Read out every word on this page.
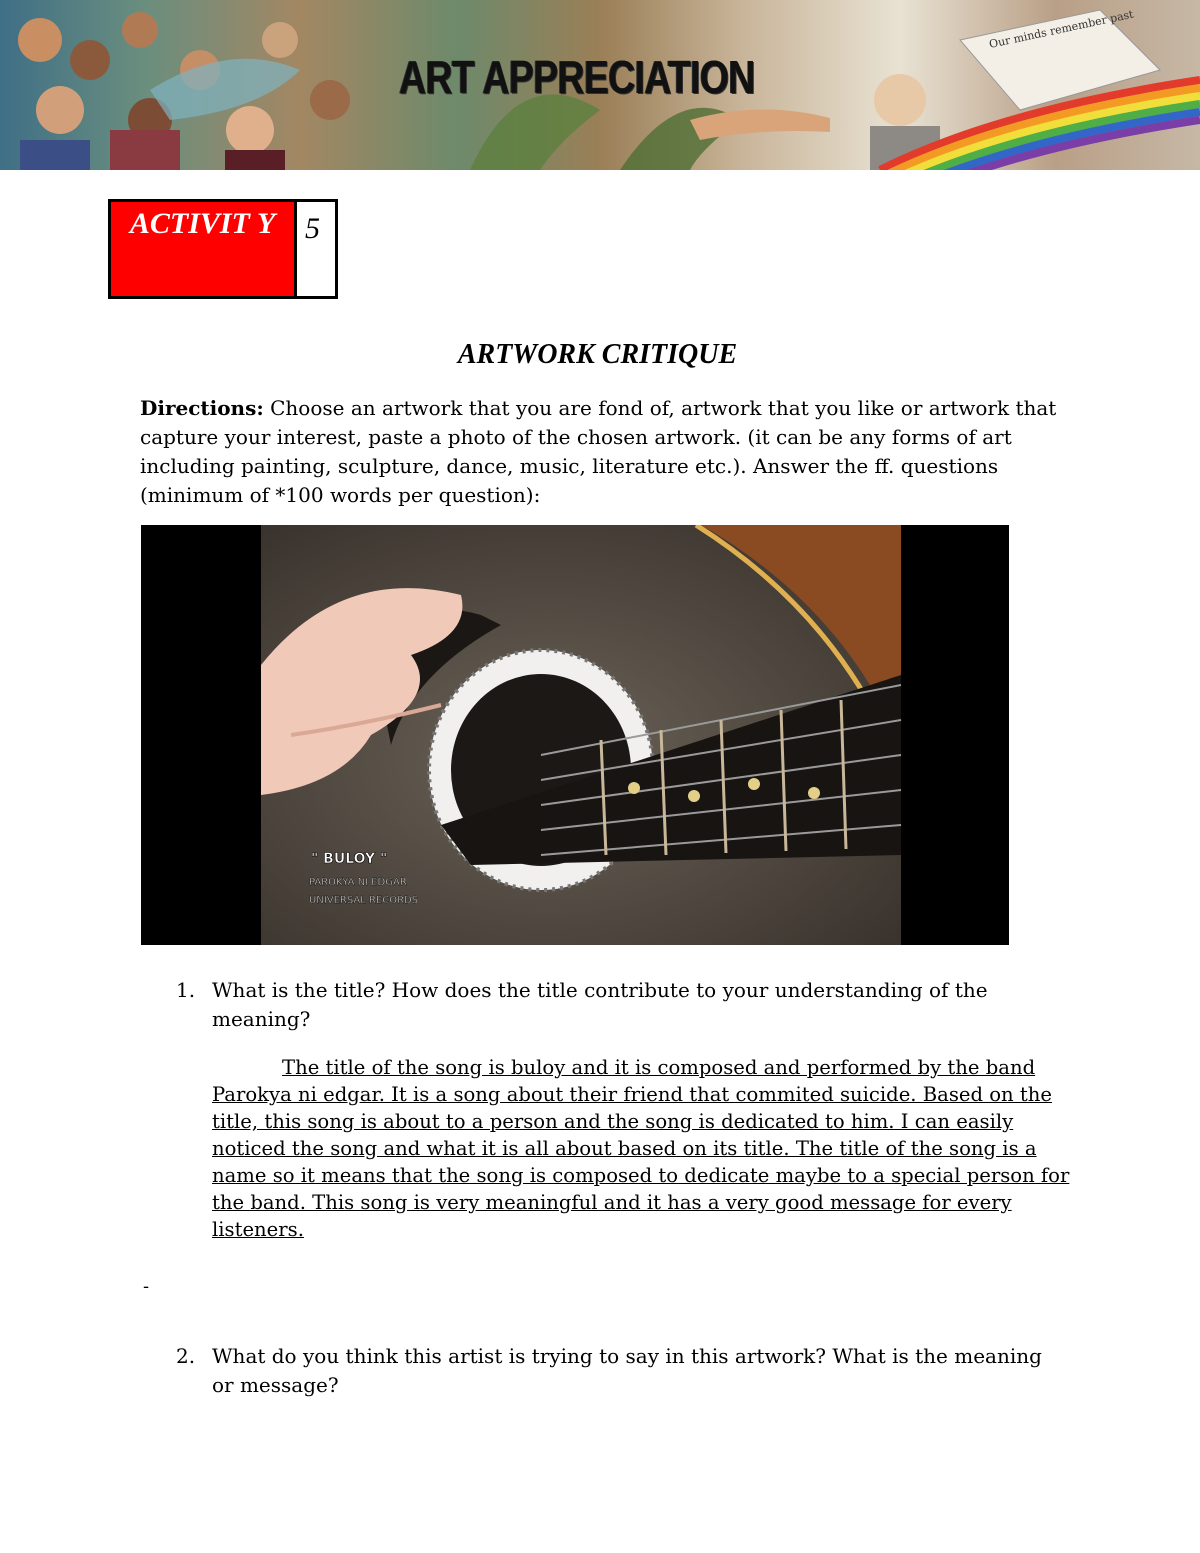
Our minds remember past
ART APPRECIATION
ACTIVIT Y 5
ARTWORK CRITIQUE

Directions: Choose an artwork that you are fond of, artwork that you like or artwork that capture your interest, paste a photo of the chosen artwork. (it can be any forms of art including painting, sculpture, dance, music, literature etc.). Answer the ff. questions (minimum of *100 words per question):

" BULOY "
PAROKYA NI EDGAR
UNIVERSAL RECORDS

1. What is the title? How does the title contribute to your understanding of the meaning?

The title of the song is buloy and it is composed and performed by the band Parokya ni edgar. It is a song about their friend that commited suicide. Based on the title, this song is about to a person and the song is dedicated to him. I can easily noticed the song and what it is all about based on its title. The title of the song is a name so it means that the song is composed to dedicate maybe to a special person for the band. This song is very meaningful and it has a very good message for every listeners.

-

2. What do you think this artist is trying to say in this artwork? What is the meaning or message?
